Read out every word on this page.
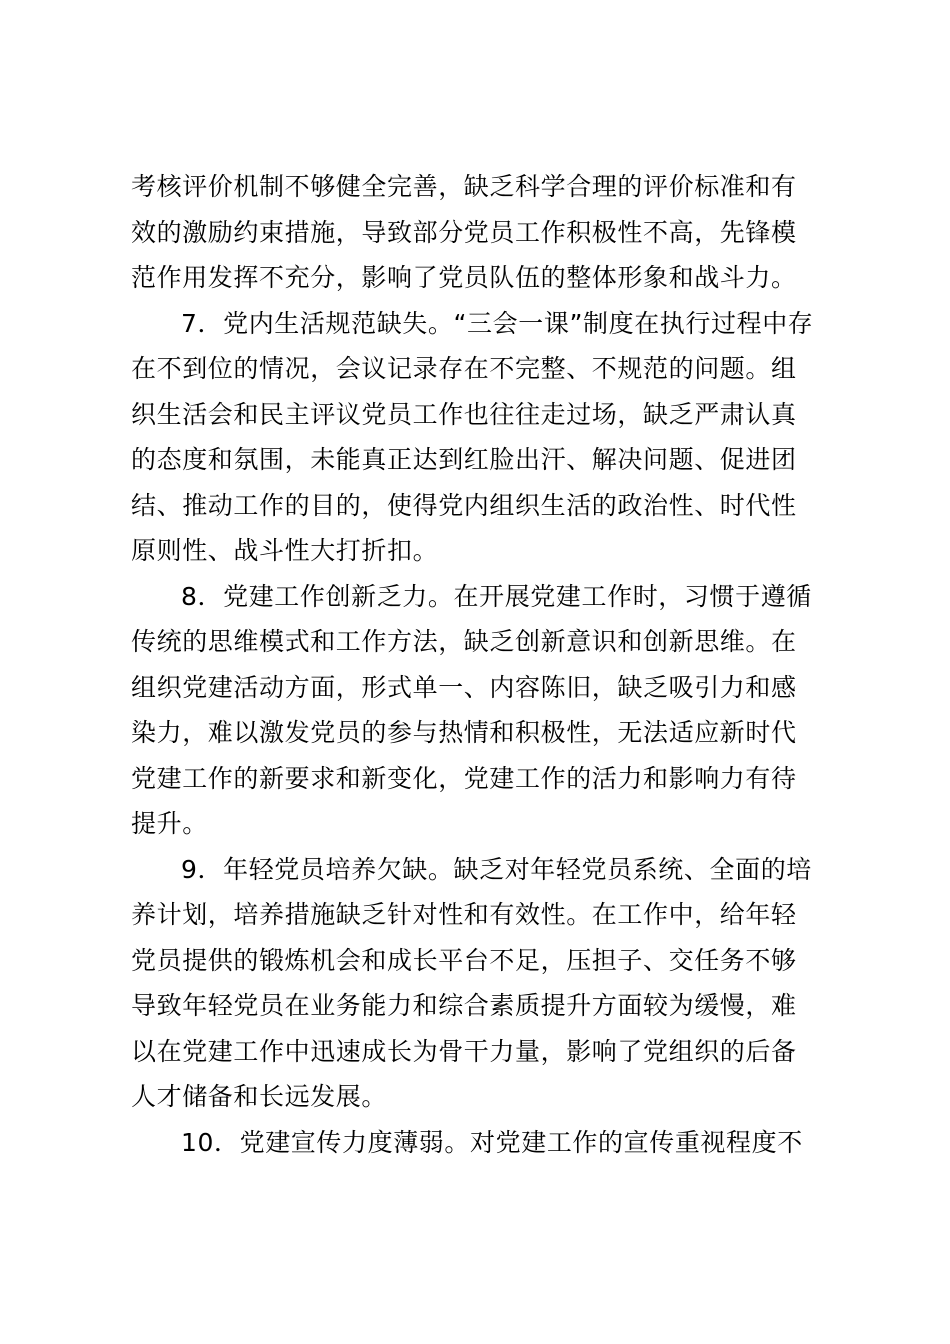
考核评价机制不够健全完善，缺乏科学合理的评价标准和有
效的激励约束措施，导致部分党员工作积极性不高，先锋模
范作用发挥不充分，影响了党员队伍的整体形象和战斗力。
7．党内生活规范缺失。“三会一课”制度在执行过程中存
在不到位的情况，会议记录存在不完整、不规范的问题。组
织生活会和民主评议党员工作也往往走过场，缺乏严肃认真
的态度和氛围，未能真正达到红脸出汗、解决问题、促进团
结、推动工作的目的，使得党内组织生活的政治性、时代性
原则性、战斗性大打折扣。
8．党建工作创新乏力。在开展党建工作时，习惯于遵循
传统的思维模式和工作方法，缺乏创新意识和创新思维。在
组织党建活动方面，形式单一、内容陈旧，缺乏吸引力和感
染力，难以激发党员的参与热情和积极性，无法适应新时代
党建工作的新要求和新变化，党建工作的活力和影响力有待
提升。
9．年轻党员培养欠缺。缺乏对年轻党员系统、全面的培
养计划，培养措施缺乏针对性和有效性。在工作中，给年轻
党员提供的锻炼机会和成长平台不足，压担子、交任务不够
导致年轻党员在业务能力和综合素质提升方面较为缓慢，难
以在党建工作中迅速成长为骨干力量，影响了党组织的后备
人才储备和长远发展。
10．党建宣传力度薄弱。对党建工作的宣传重视程度不
